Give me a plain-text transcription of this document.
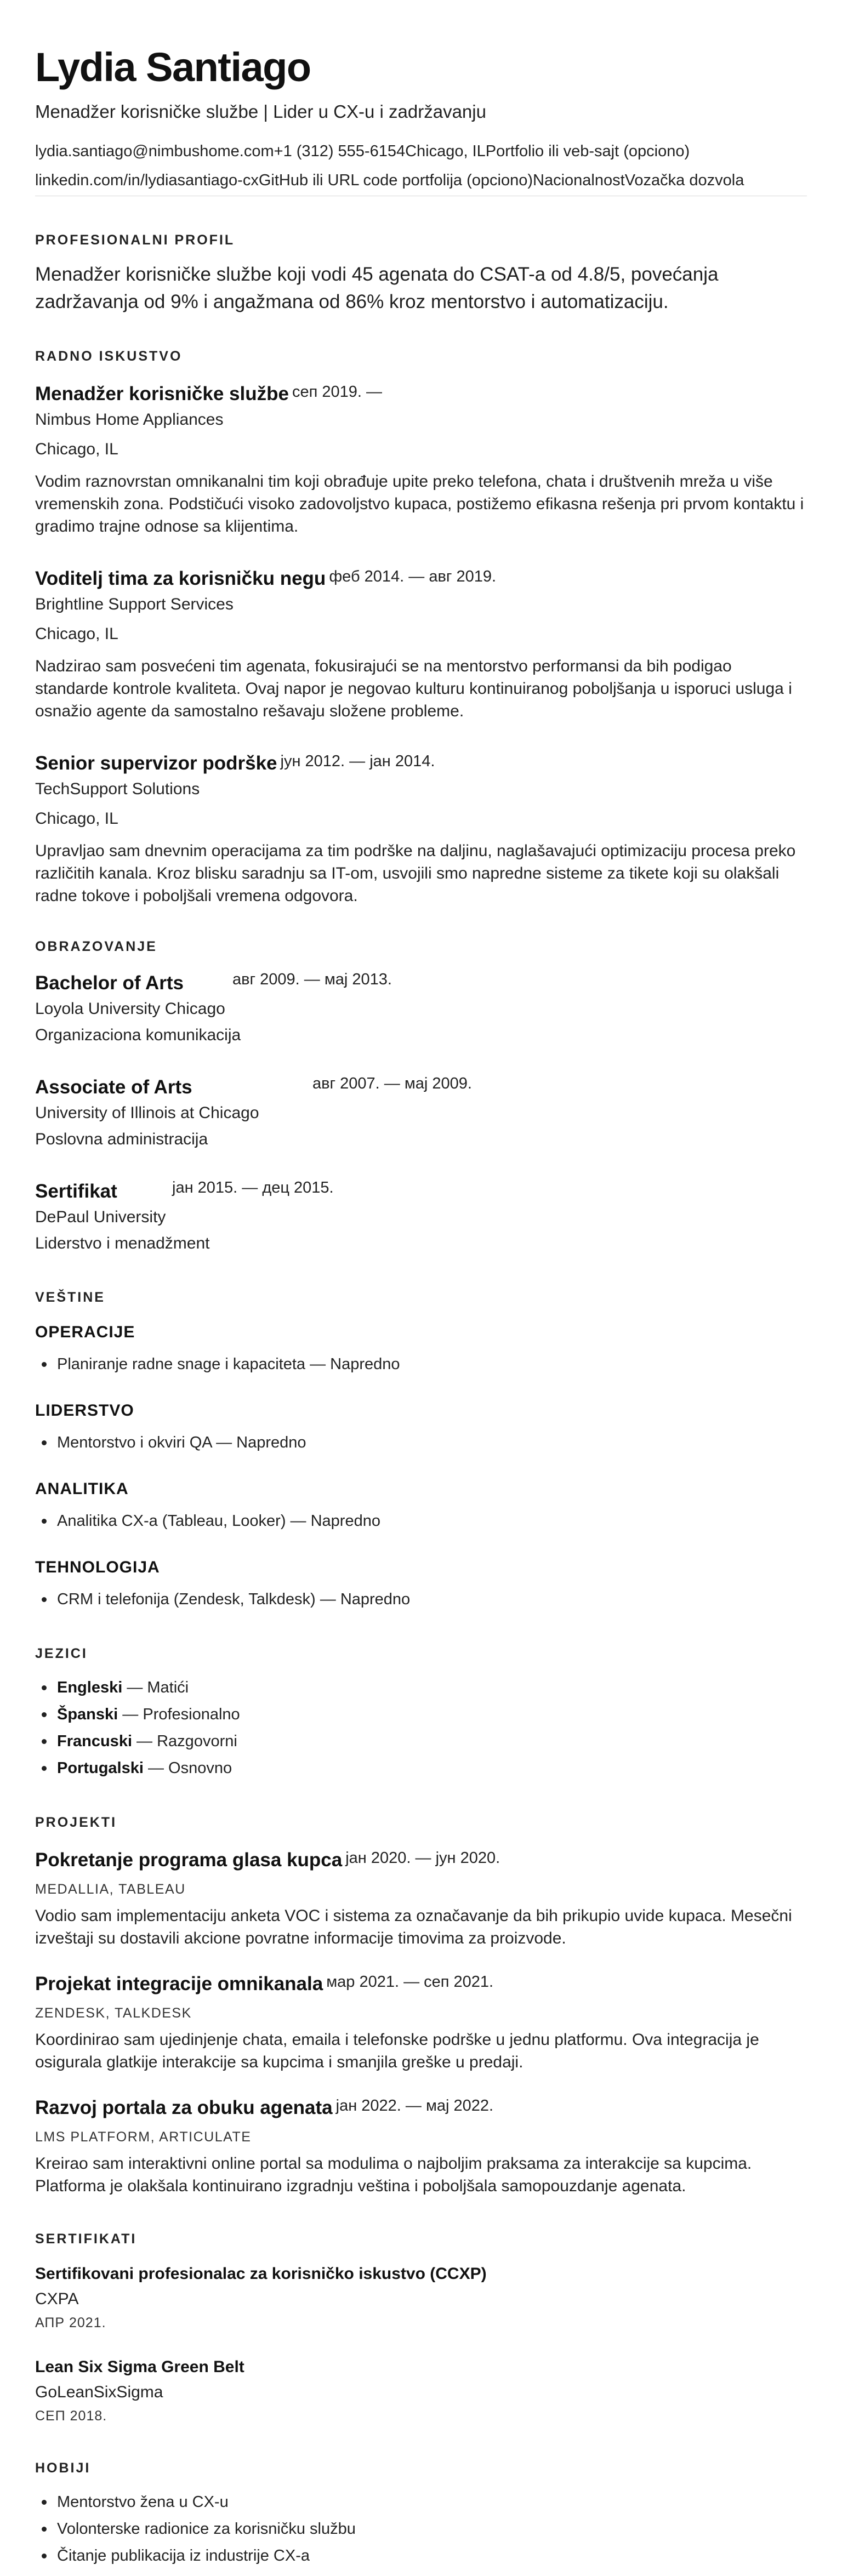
Lydia Santiago
Menadžer korisničke službe | Lider u CX-u i zadržavanju
lydia.santiago@nimbushome.com+1 (312) 555-6154Chicago, ILPortfolio ili veb-sajt (opciono)
linkedin.com/in/lydiasantiago-cxGitHub ili URL code portfolija (opciono)NacionalnostVozačka dozvola
PROFESIONALNI PROFIL

Menadžer korisničke službe koji vodi 45 agenata do CSAT-a od 4.8/5, povećanja zadržavanja od 9% i angažmana od 86% kroz mentorstvo i automatizaciju.

RADNO ISKUSTVO
Menadžer korisničke službe сеп 2019. —
Nimbus Home Appliances
Chicago, IL

Vodim raznovrstan omnikanalni tim koji obrađuje upite preko telefona, chata i društvenih mreža u više vremenskih zona. Podstičući visoko zadovoljstvo kupaca, postižemo efikasna rešenja pri prvom kontaktu i gradimo trajne odnose sa klijentima.

Voditelj tima za korisničku negu феб 2014. — авг 2019.
Brightline Support Services
Chicago, IL

Nadzirao sam posvećeni tim agenata, fokusirajući se na mentorstvo performansi da bih podigao standarde kontrole kvaliteta. Ovaj napor je negovao kulturu kontinuiranog poboljšanja u isporuci usluga i osnažio agente da samostalno rešavaju složene probleme.

Senior supervizor podrške јун 2012. — јан 2014.
TechSupport Solutions
Chicago, IL

Upravljao sam dnevnim operacijama za tim podrške na daljinu, naglašavajući optimizaciju procesa preko različitih kanala. Kroz blisku saradnju sa IT-om, usvojili smo napredne sisteme za tikete koji su olakšali radne tokove i poboljšali vremena odgovora.

OBRAZOVANJE
Bachelor of Arts	авг 2009. — мај 2013.
Loyola University Chicago
Organizaciona komunikacija
Associate of Arts	авг 2007. — мај 2009.
University of Illinois at Chicago
Poslovna administracija
Sertifikat	јан 2015. — дец 2015.
DePaul University
Liderstvo i menadžment
VEŠTINE
OPERACIJE
Planiranje radne snage i kapaciteta — Napredno
LIDERSTVO
Mentorstvo i okviri QA — Napredno
ANALITIKA
Analitika CX-a (Tableau, Looker) — Napredno
TEHNOLOGIJA
CRM i telefonija (Zendesk, Talkdesk) — Napredno
JEZICI
Engleski — Matići
Španski — Profesionalno
Francuski — Razgovorni
Portugalski — Osnovno
PROJEKTI
Pokretanje programa glasa kupca јан 2020. — јун 2020.
MEDALLIA, TABLEAU

Vodio sam implementaciju anketa VOC i sistema za označavanje da bih prikupio uvide kupaca. Mesečni izveštaji su dostavili akcione povratne informacije timovima za proizvode.

Projekat integracije omnikanala мар 2021. — сеп 2021.
ZENDESK, TALKDESK

Koordinirao sam ujedinjenje chata, emaila i telefonske podrške u jednu platformu. Ova integracija je osigurala glatkije interakcije sa kupcima i smanjila greške u predaji.

Razvoj portala za obuku agenata јан 2022. — мај 2022.
LMS PLATFORM, ARTICULATE

Kreirao sam interaktivni online portal sa modulima o najboljim praksama za interakcije sa kupcima. Platforma je olakšala kontinuirano izgradnju veština i poboljšala samopouzdanje agenata.

SERTIFIKATI
Sertifikovani profesionalac za korisničko iskustvo (CCXP)
CXPA
АПР 2021.
Lean Six Sigma Green Belt
GoLeanSixSigma
СЕП 2018.
HOBIJI
Mentorstvo žena u CX-u
Volonterske radionice za korisničku službu
Čitanje publikacija iz industrije CX-a
